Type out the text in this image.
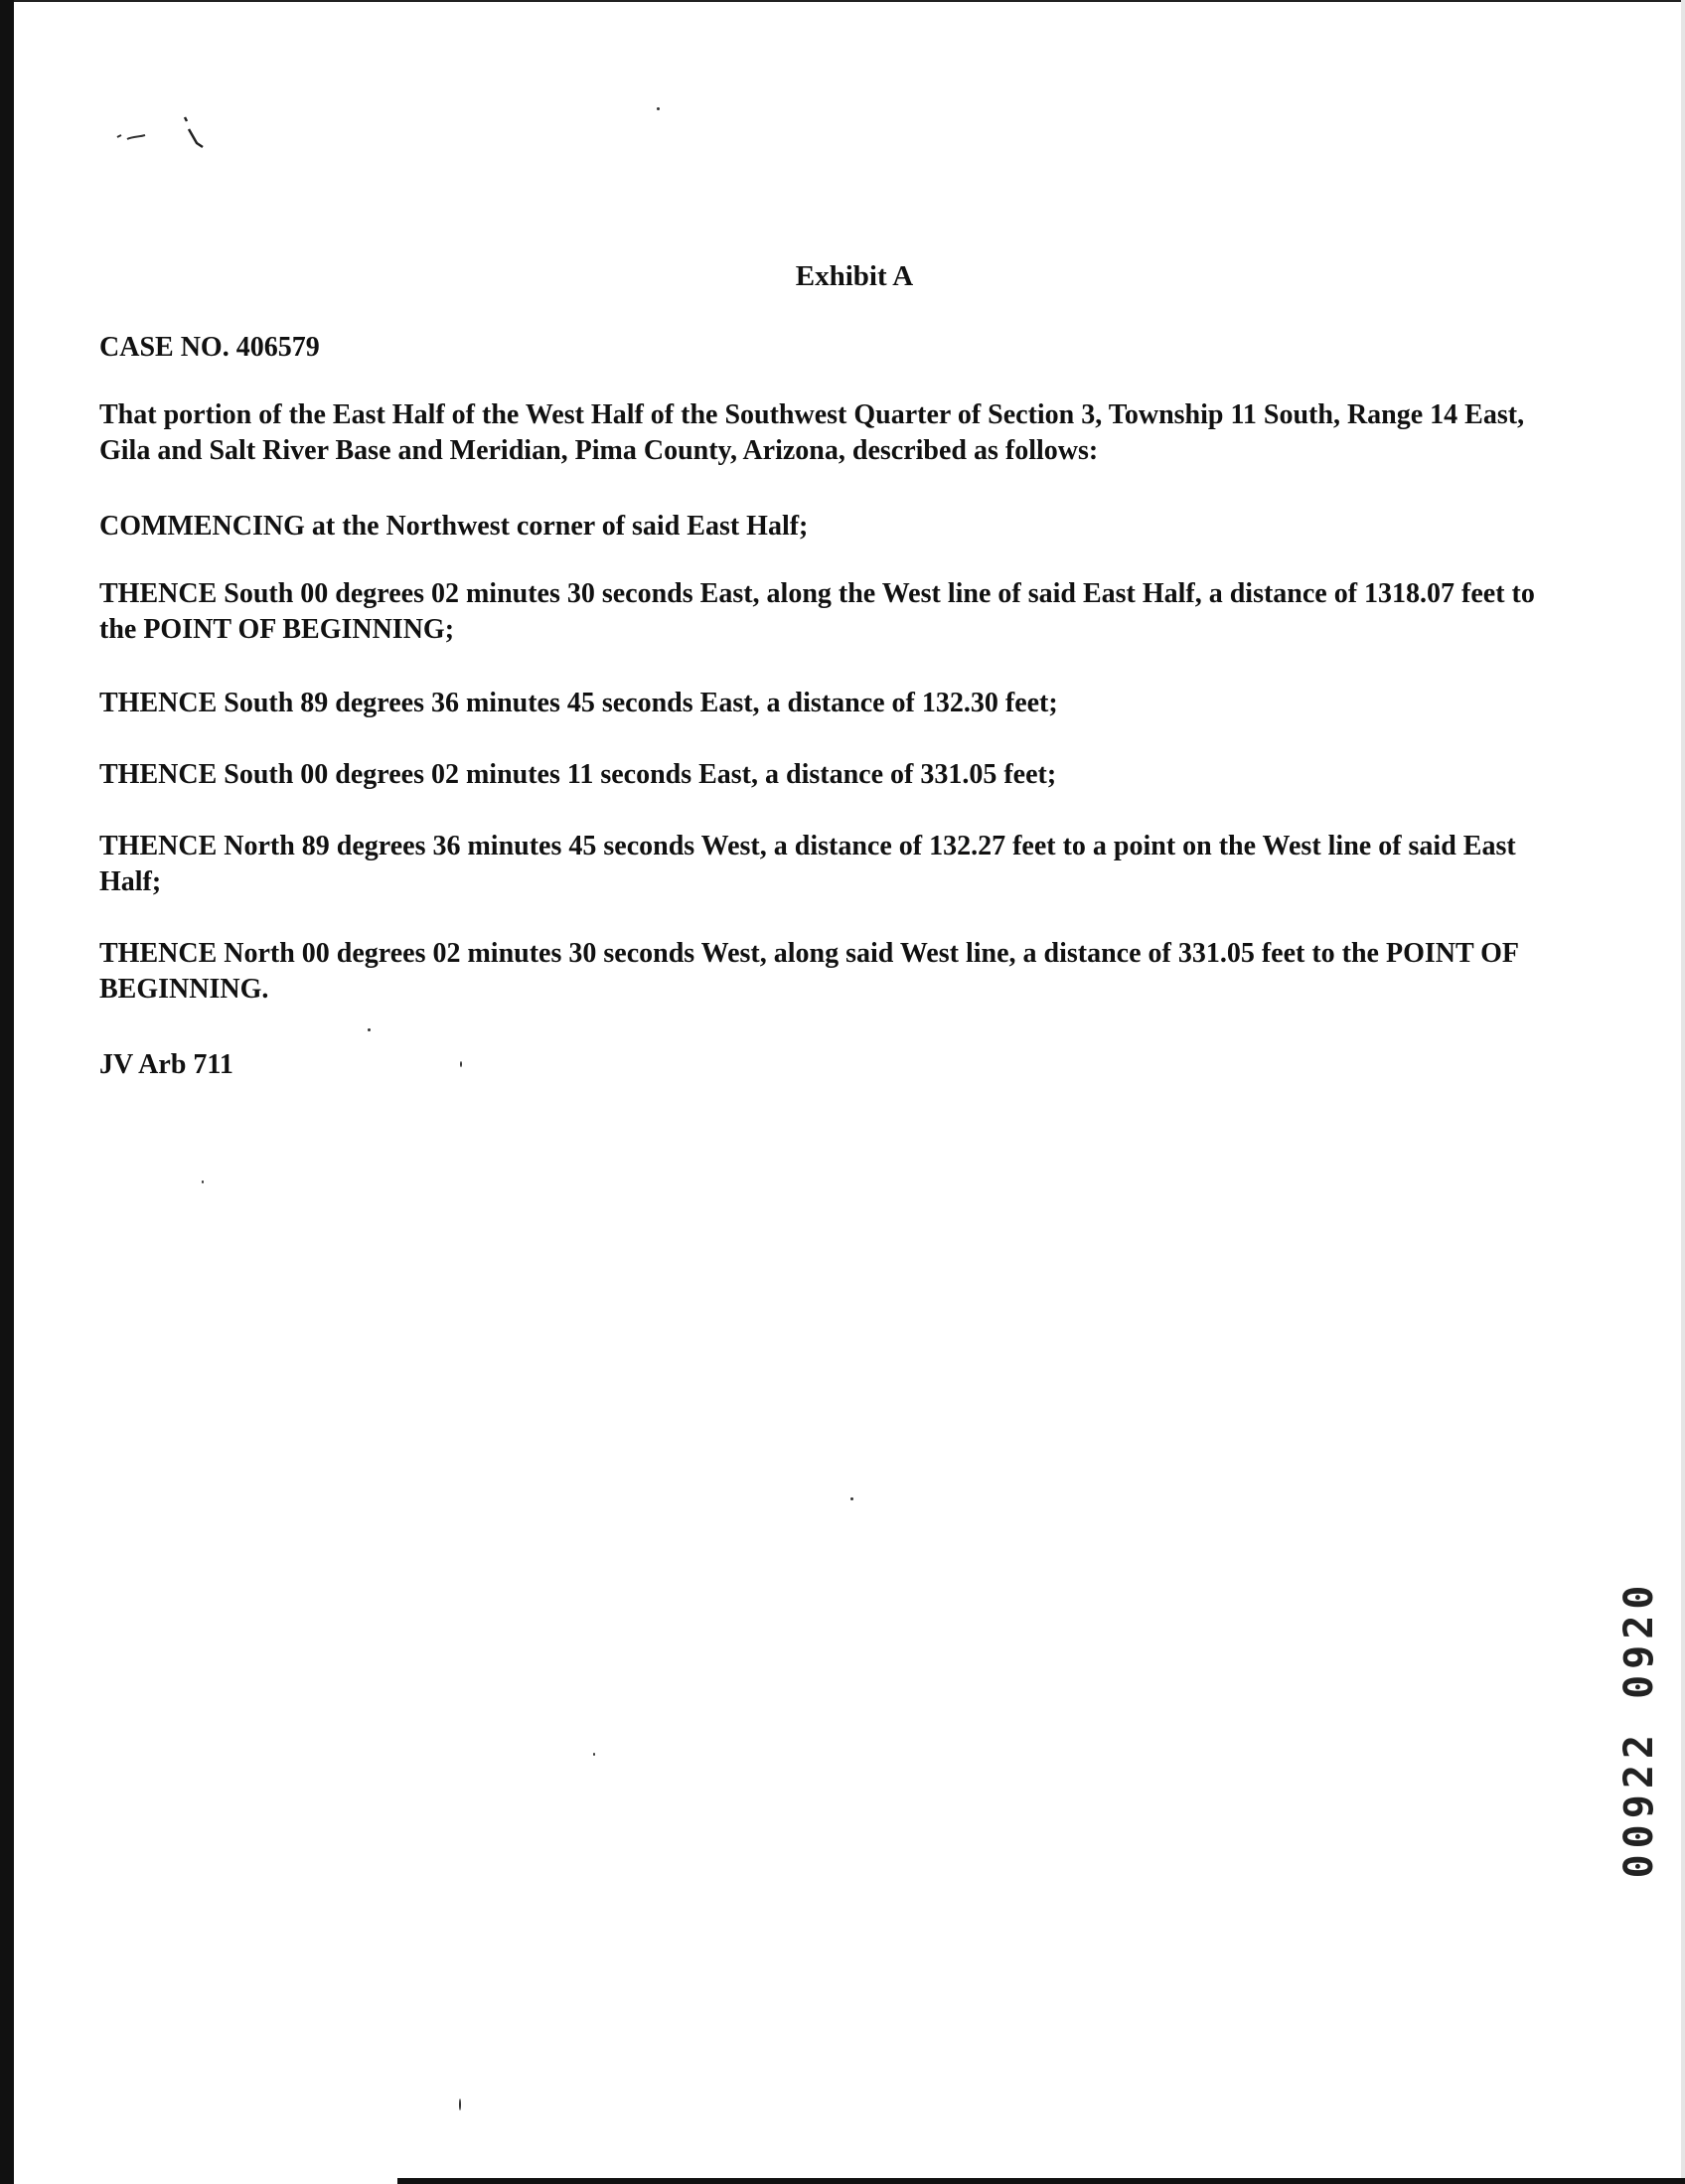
Exhibit A

CASE NO. 406579

That portion of the East Half of the West Half of the Southwest Quarter of Section 3, Township 11 South, Range 14 East, Gila and Salt River Base and Meridian, Pima County, Arizona, described as follows:

COMMENCING at the Northwest corner of said East Half;

THENCE South 00 degrees 02 minutes 30 seconds East, along the West line of said East Half, a distance of 1318.07 feet to the POINT OF BEGINNING;

THENCE South 89 degrees 36 minutes 45 seconds East, a distance of 132.30 feet;

THENCE South 00 degrees 02 minutes 11 seconds East, a distance of 331.05 feet;

THENCE North 89 degrees 36 minutes 45 seconds West, a distance of 132.27 feet to a point on the West line of said East Half;

THENCE North 00 degrees 02 minutes 30 seconds West, along said West line, a distance of 331.05 feet to the POINT OF BEGINNING.

JV Arb 711

00922 0920
